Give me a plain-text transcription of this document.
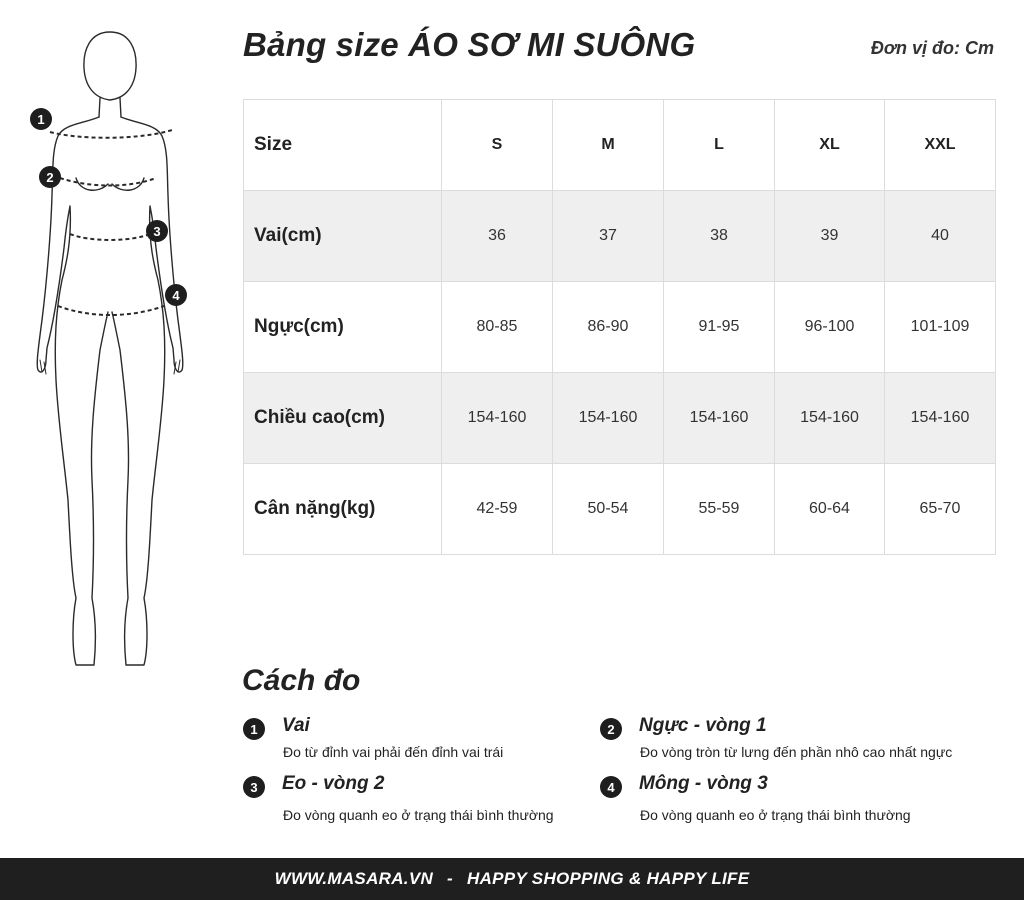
1
2
3
4
Bảng size ÁO SƠ MI SUÔNG	Đơn vị đo: Cm
Size	S	M	L	XL	XXL
Vai(cm)	36	37	38	39	40
Ngực(cm)	80-85	86-90	91-95	96-100	101-109
Chiều cao(cm)	154-160	154-160	154-160	154-160	154-160
Cân nặng(kg)	42-59	50-54	55-59	60-64	65-70
Cách đo
1	Vai
Đo từ đỉnh vai phải đến đỉnh vai trái
2	Ngực - vòng 1
Đo vòng tròn từ lưng đến phần nhô cao nhất ngực
3	Eo - vòng 2
Đo vòng quanh eo ở trạng thái bình thường
4	Mông - vòng 3
Đo vòng quanh eo ở trạng thái bình thường
WWW.MASARA.VN - HAPPY SHOPPING & HAPPY LIFE
